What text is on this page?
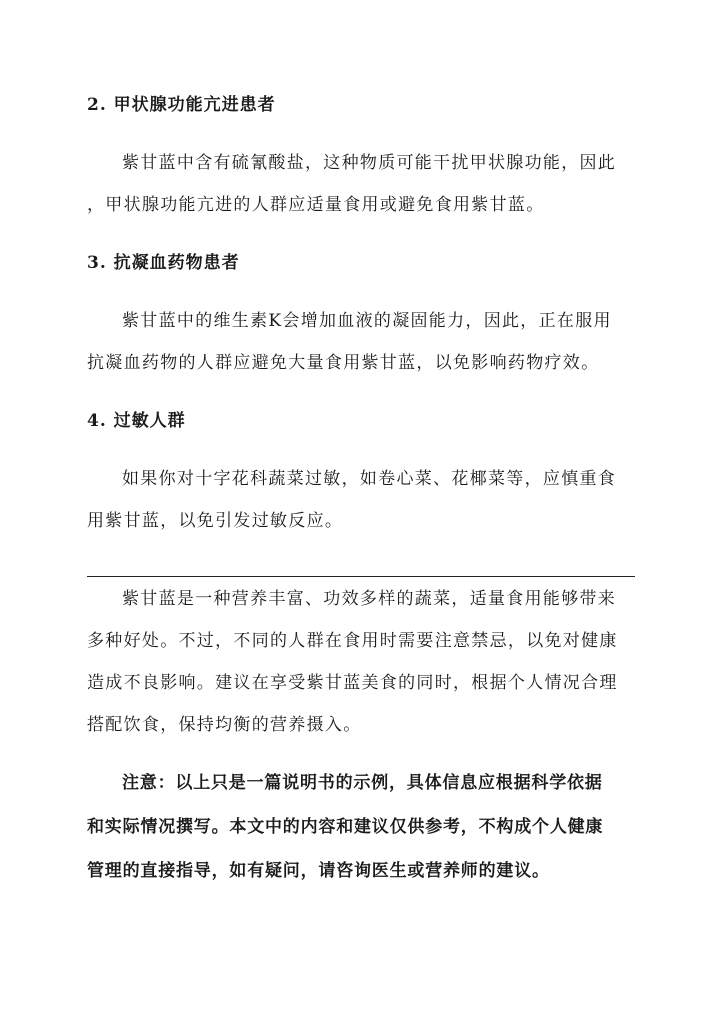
2. 甲状腺功能亢进患者
紫甘蓝中含有硫氰酸盐，这种物质可能干扰甲状腺功能，因此
，甲状腺功能亢进的人群应适量食用或避免食用紫甘蓝。
3. 抗凝血药物患者
紫甘蓝中的维生素K会增加血液的凝固能力，因此，正在服用
抗凝血药物的人群应避免大量食用紫甘蓝，以免影响药物疗效。
4. 过敏人群
如果你对十字花科蔬菜过敏，如卷心菜、花椰菜等，应慎重食
用紫甘蓝，以免引发过敏反应。
紫甘蓝是一种营养丰富、功效多样的蔬菜，适量食用能够带来
多种好处。不过，不同的人群在食用时需要注意禁忌，以免对健康
造成不良影响。建议在享受紫甘蓝美食的同时，根据个人情况合理
搭配饮食，保持均衡的营养摄入。
注意：以上只是一篇说明书的示例，具体信息应根据科学依据
和实际情况撰写。本文中的内容和建议仅供参考，不构成个人健康
管理的直接指导，如有疑问，请咨询医生或营养师的建议。
